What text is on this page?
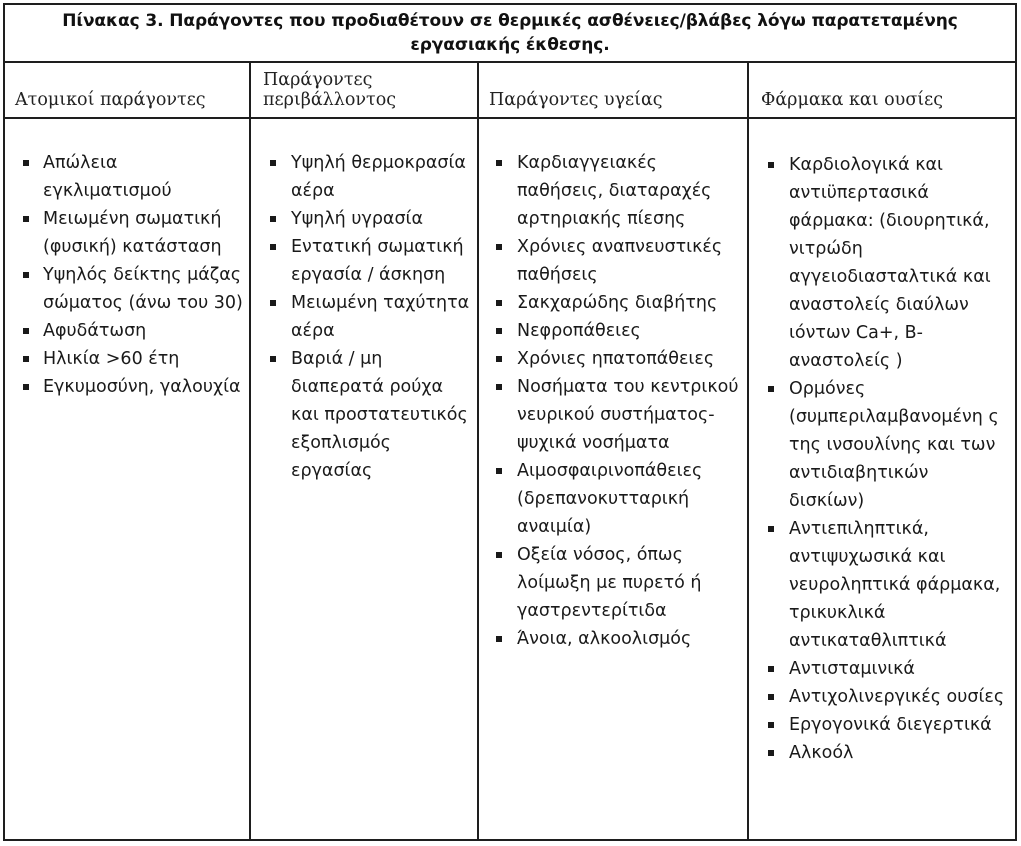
Πίνακας 3. Παράγοντες που προδιαθέτουν σε θερμικές ασθένειες/βλάβες λόγω παρατεταμένης εργασιακής έκθεσης.
Ατομικοί παράγοντες
Απώλεια εγκλιματισμού
Μειωμένη σωματική (φυσική) κατάσταση
Υψηλός δείκτης μάζας σώματος (άνω του 30)
Αφυδάτωση
Ηλικία >60 έτη
Εγκυμοσύνη, γαλουχία
Παράγοντες περιβάλλοντος
Υψηλή θερμοκρασία αέρα
Υψηλή υγρασία
Εντατική σωματική εργασία / άσκηση
Μειωμένη ταχύτητα αέρα
Βαριά / μη διαπερατά ρούχα και προστατευτικός εξοπλισμός εργασίας
Παράγοντες υγείας
Καρδιαγγειακές παθήσεις, διαταραχές αρτηριακής πίεσης
Χρόνιες αναπνευστικές παθήσεις
Σακχαρώδης διαβήτης
Νεφροπάθειες
Χρόνιες ηπατοπάθειες
Νοσήματα του κεντρικού νευρικού συστήματος-ψυχικά νοσήματα
Αιμοσφαιρινοπάθειες (δρεπανοκυτταρική αναιμία)
Οξεία νόσος, όπως λοίμωξη με πυρετό ή γαστρεντερίτιδα
Άνοια, αλκοολισμός
Φάρμακα και ουσίες
Καρδιολογικά και αντιϋπερτασικά φάρμακα: (διουρητικά, νιτρώδη αγγειοδιασταλτικά και αναστολείς διαύλων ιόντων Ca+, Β-αναστολείς )
Ορμόνες (συμπεριλαμβανομένη ς της ινσουλίνης και των αντιδιαβητικών δισκίων)
Αντιεπιληπτικά, αντιψυχωσικά και νευροληπτικά φάρμακα, τρικυκλικά αντικαταθλιπτικά
Αντισταμινικά
Αντιχολινεργικές ουσίες
Εργογονικά διεγερτικά
Αλκοόλ
